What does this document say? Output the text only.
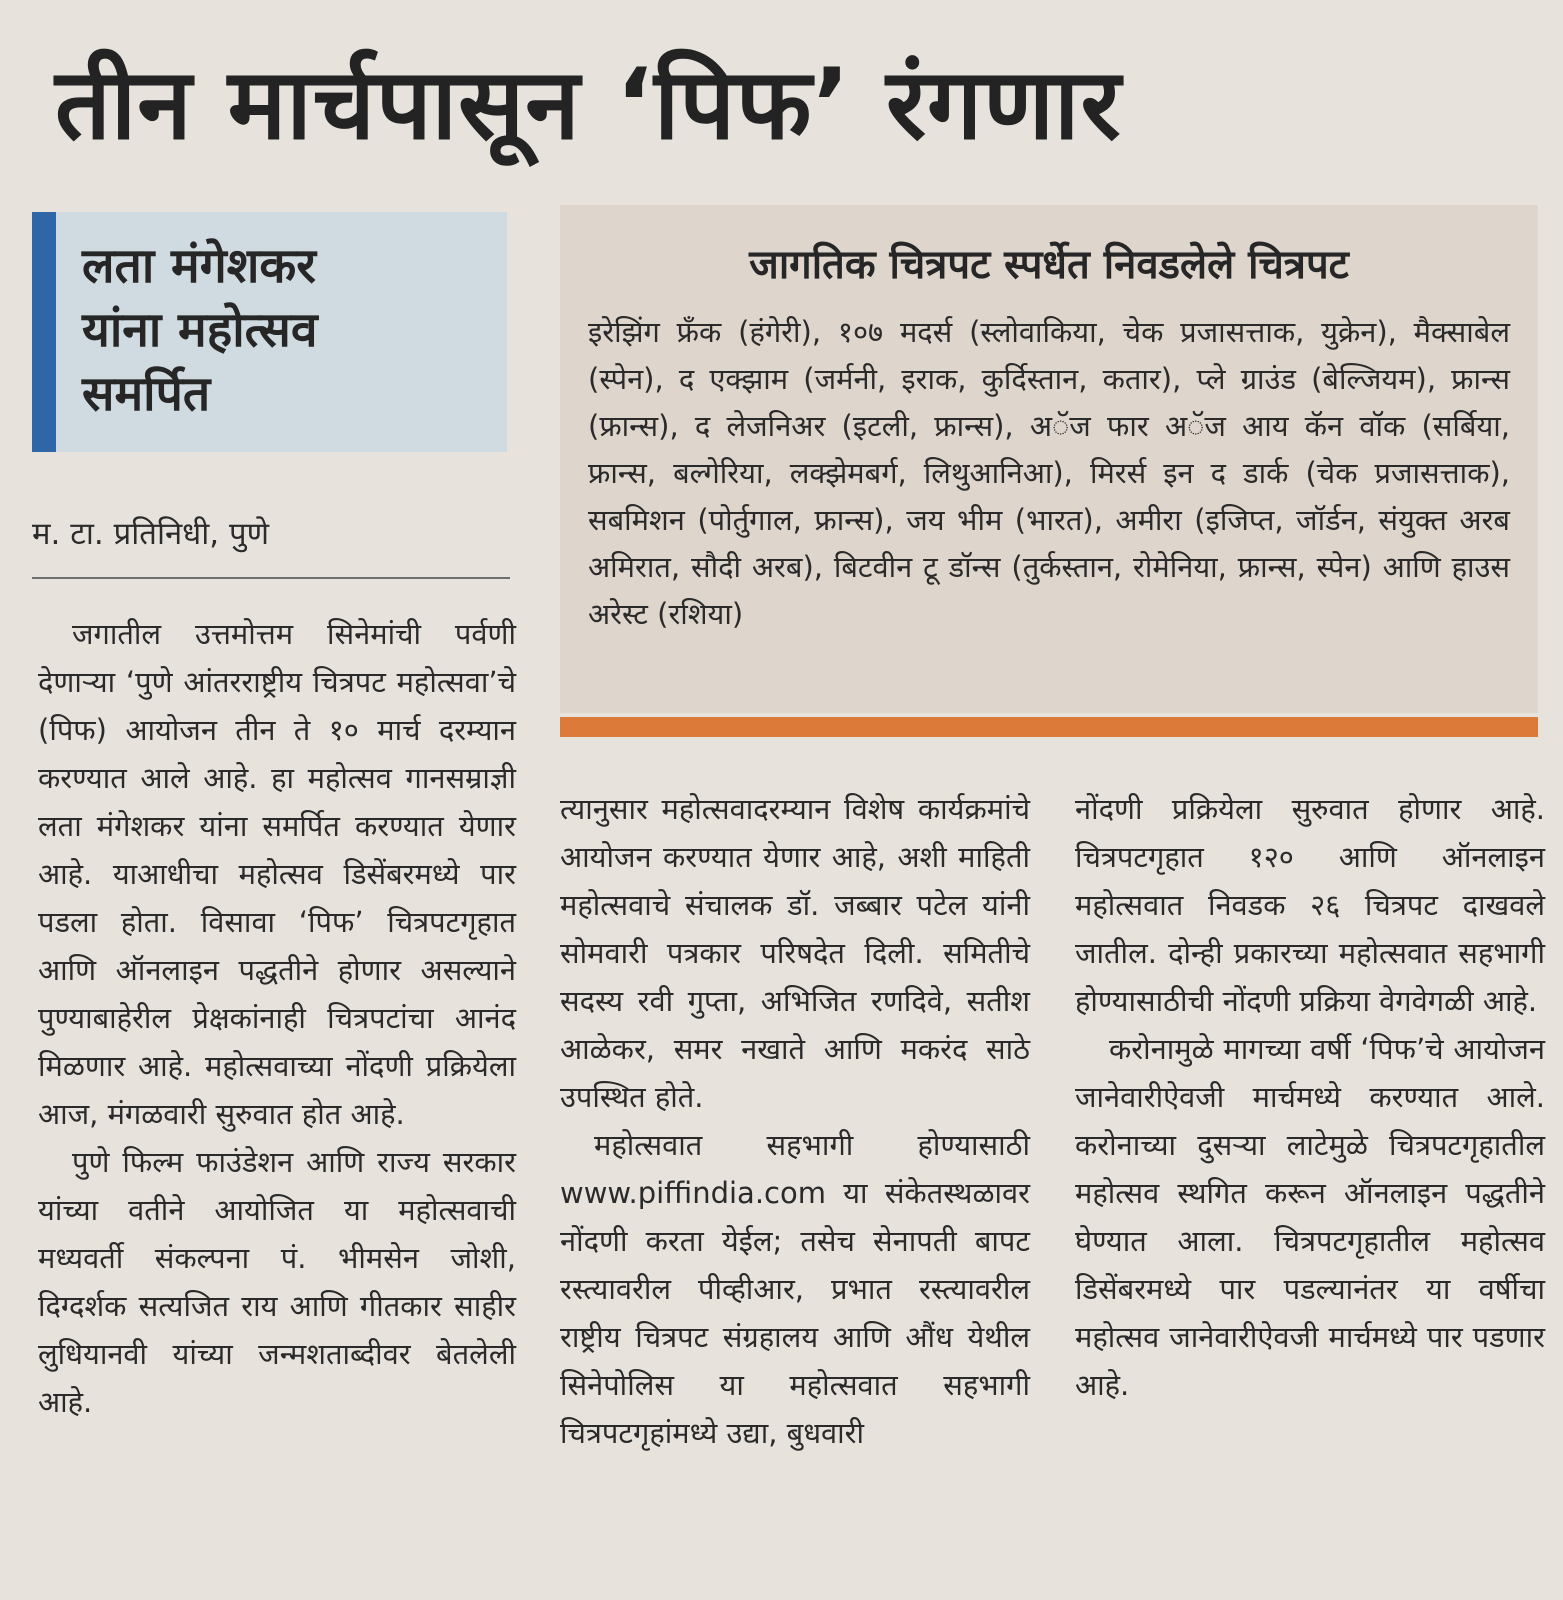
तीन मार्चपासून ‘पिफ’ रंगणार
लता मंगेशकर
यांना महोत्सव
समर्पित
म. टा. प्रतिनिधी, पुणे
जागतिक चित्रपट स्पर्धेत निवडलेले चित्रपट
इरेझिंग फ्रँक (हंगेरी), १०७ मदर्स (स्लोवाकिया, चेक प्रजासत्ताक, युक्रेन), मैक्साबेल (स्पेन), द एक्झाम (जर्मनी, इराक, कुर्दिस्तान, कतार), प्ले ग्राउंड (बेल्जियम), फ्रान्स (फ्रान्स), द लेजनिअर (इटली, फ्रान्स), अॅज फार अॅज आय कॅन वॉक (सर्बिया, फ्रान्स, बल्गेरिया, लक्झेमबर्ग, लिथुआनिआ), मिरर्स इन द डार्क (चेक प्रजासत्ताक), सबमिशन (पोर्तुगाल, फ्रान्स), जय भीम (भारत), अमीरा (इजिप्त, जॉर्डन, संयुक्त अरब अमिरात, सौदी अरब), बिटवीन टू डॉन्स (तुर्कस्तान, रोमेनिया, फ्रान्स, स्पेन) आणि हाउस अरेस्ट (रशिया)

जगातील उत्तमोत्तम सिनेमांची पर्वणी देणाऱ्या ‘पुणे आंतरराष्ट्रीय चित्रपट महोत्सवा’चे (पिफ) आयोजन तीन ते १० मार्च दरम्यान करण्यात आले आहे. हा महोत्सव गानसम्राज्ञी लता मंगेशकर यांना समर्पित करण्यात येणार आहे. याआधीचा महोत्सव डिसेंबरमध्ये पार पडला होता. विसावा ‘पिफ’ चित्रपटगृहात आणि ऑनलाइन पद्धतीने होणार असल्याने पुण्याबाहेरील प्रेक्षकांनाही चित्रपटांचा आनंद मिळणार आहे. महोत्सवाच्या नोंदणी प्रक्रियेला आज, मंगळवारी सुरुवात होत आहे.

पुणे फिल्म फाउंडेशन आणि राज्य सरकार यांच्या वतीने आयोजित या महोत्सवाची मध्यवर्ती संकल्पना पं. भीमसेन जोशी, दिग्दर्शक सत्यजित राय आणि गीतकार साहीर लुधियानवी यांच्या जन्मशताब्दीवर बेतलेली आहे.

त्यानुसार महोत्सवादरम्यान विशेष कार्यक्रमांचे आयोजन करण्यात येणार आहे, अशी माहिती महोत्सवाचे संचालक डॉ. जब्बार पटेल यांनी सोमवारी पत्रकार परिषदेत दिली. समितीचे सदस्य रवी गुप्ता, अभिजित रणदिवे, सतीश आळेकर, समर नखाते आणि मकरंद साठे उपस्थित होते.

महोत्सवात सहभागी होण्यासाठी www.piffindia.com या संकेतस्थळावर नोंदणी करता येईल; तसेच सेनापती बापट रस्त्यावरील पीव्हीआर, प्रभात रस्त्यावरील राष्ट्रीय चित्रपट संग्रहालय आणि औंध येथील सिनेपोलिस या महोत्सवात सहभागी चित्रपटगृहांमध्ये उद्या, बुधवारी

नोंदणी प्रक्रियेला सुरुवात होणार आहे. चित्रपटगृहात १२० आणि ऑनलाइन महोत्सवात निवडक २६ चित्रपट दाखवले जातील. दोन्ही प्रकारच्या महोत्सवात सहभागी होण्यासाठीची नोंदणी प्रक्रिया वेगवेगळी आहे.

करोनामुळे मागच्या वर्षी ‘पिफ’चे आयोजन जानेवारीऐवजी मार्चमध्ये करण्यात आले. करोनाच्या दुसऱ्या लाटेमुळे चित्रपटगृहातील महोत्सव स्थगित करून ऑनलाइन पद्धतीने घेण्यात आला. चित्रपटगृहातील महोत्सव डिसेंबरमध्ये पार पडल्यानंतर या वर्षीचा महोत्सव जानेवारीऐवजी मार्चमध्ये पार पडणार आहे.
